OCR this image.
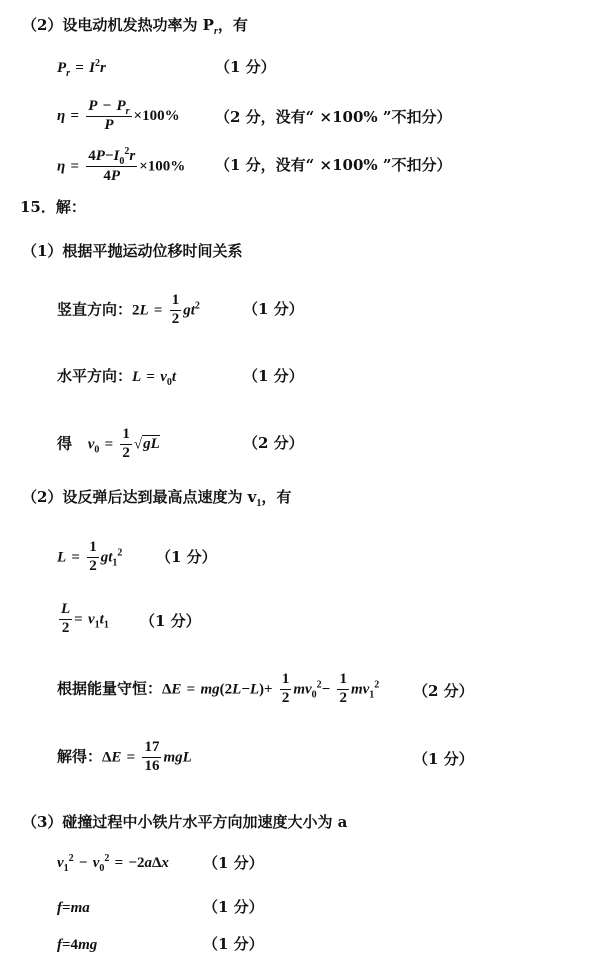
（2）设电动机发热功率为 $P_r$，有
$P_r = I^2r$	（1 分）
$\eta = \frac{P - P_r}{P} \times 100\%$ （2 分，没有“ ×100% ”不扣分）
$\eta = \frac{4P-I_0^2r}{4P} \times 100\%$ （1 分，没有“ ×100% ”不扣分）
15．解：
（1）根据平抛运动位移时间关系
竖直方向：$2L = \frac{1}{2} gt^2$	（1 分）
水平方向：$L = v_0t$	（1 分）
得 $v_0 = \frac{1}{2} √gL$	（2 分）
（2）设反弹后达到最高点速度为 $v_1$，有
$L = \frac{1}{2} gt_1^2$ （1 分）
$\frac{L}{2} = v_1t_1$ （1 分）
根据能量守恒：$\Delta E = mg(2L-L)+ \frac{1}{2} mv_0^2- \frac{1}{2} mv_1^2$ （2 分）
解得：$\Delta E = \frac{17}{16}$ mgL	（1 分）
（3）碰撞过程中小铁片水平方向加速度大小为 a
$v_1^2 - v_0^2 = -2a\Delta x$ （1 分）
f=ma	（1 分）
f=4mg	（1 分）
